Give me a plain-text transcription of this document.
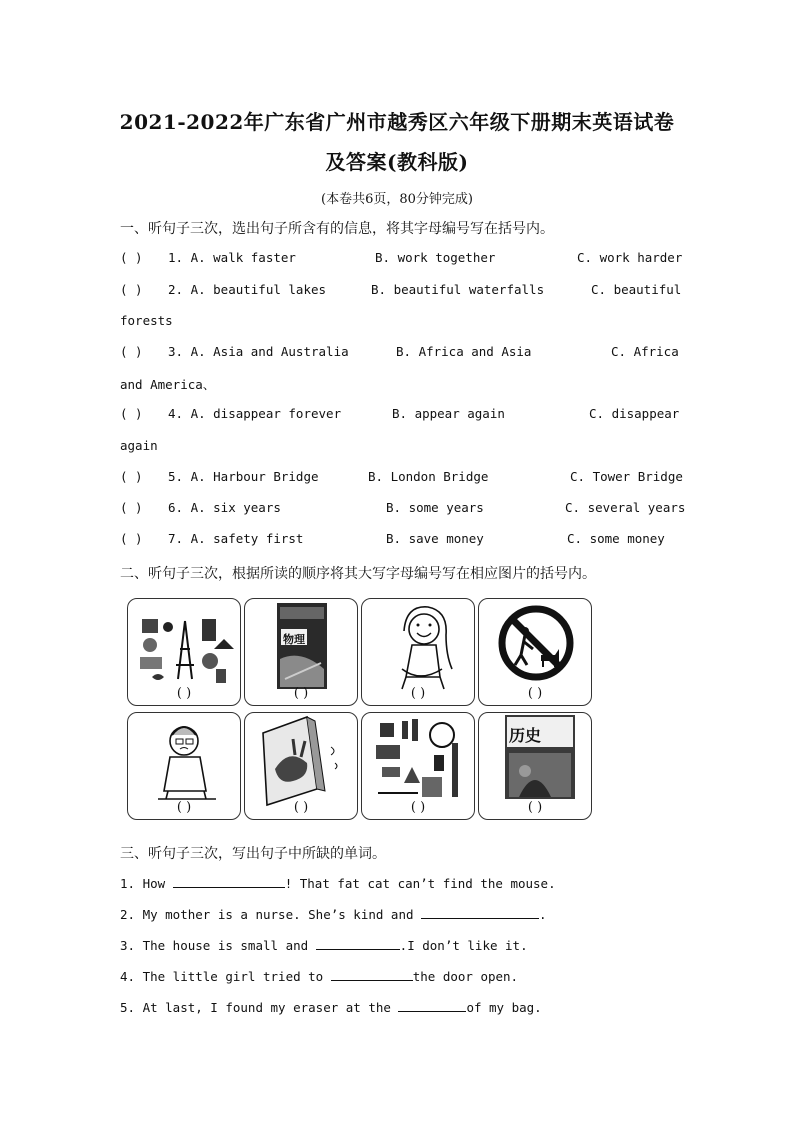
2021-2022年广东省广州市越秀区六年级下册期末英语试卷
及答案(教科版)
(本卷共6页，80分钟完成)
一、听句子三次，选出句子所含有的信息，将其字母编号写在括号内。
( ) 1. A. walk faster	B. work together	C. work harder
( ) 2. A. beautiful lakes	B. beautiful waterfalls	C. beautiful
forests
( ) 3. A. Asia and Australia	B. Africa and Asia	C. Africa
and America、
( ) 4. A. disappear forever	B. appear again	C. disappear
again
( ) 5. A. Harbour Bridge	B. London Bridge	C. Tower Bridge
( ) 6. A. six years	B. some years	C. several years
( ) 7. A. safety first	B. save money	C. some money
二、听句子三次，根据所读的顺序将其大写字母编号写在相应图片的括号内。
( )
物理
( )	( )	( )
( )	( )	( )
历史
( )
三、听句子三次，写出句子中所缺的单词。
1. How	! That fat cat can’t find the mouse.
2. My mother is a nurse. She’s kind and	.
3. The house is small and	.I don’t like it.
4. The little girl tried to	the door open.
5. At last, I found my eraser at the	of my bag.
